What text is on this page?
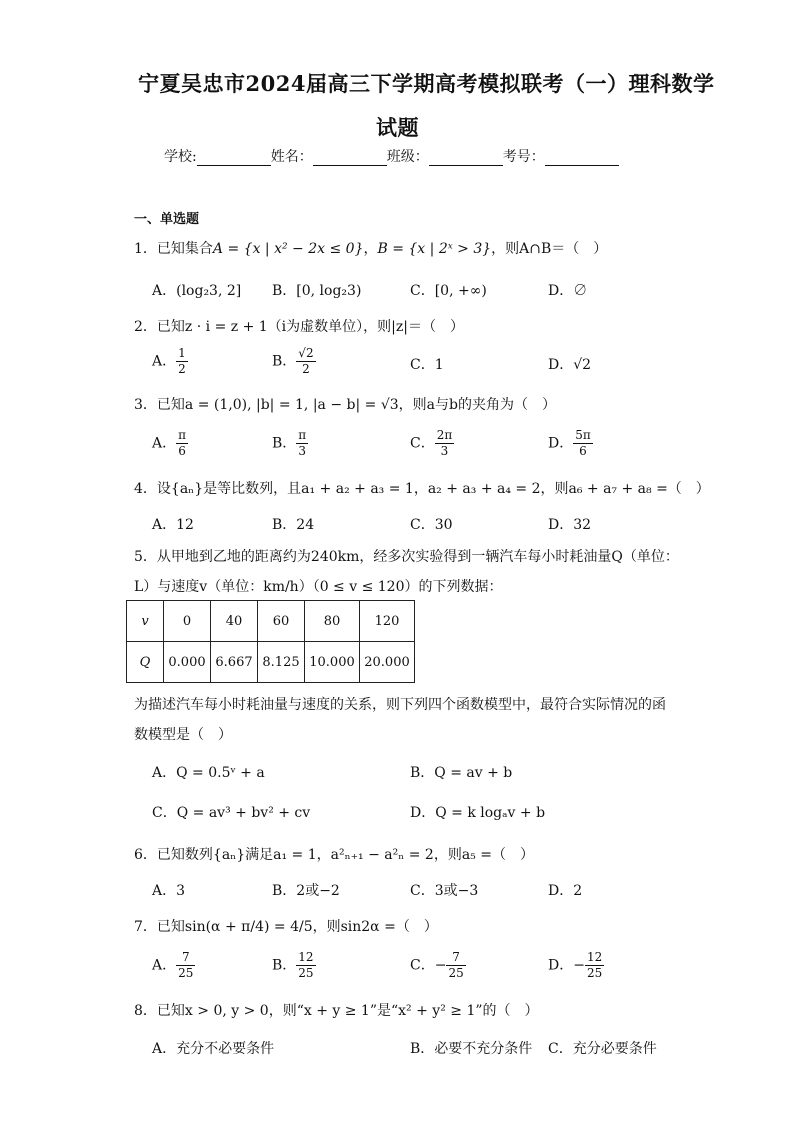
宁夏吴忠市2024届高三下学期高考模拟联考（一）理科数学
试题
学校:	姓名：	班级：	考号：
一、单选题
1．已知集合A = {x | x² − 2x ≤ 0}，B = {x | 2ˣ > 3}，则A∩B＝（　）
A．(log₂3, 2] B．[0, log₂3)	C．[0, +∞)	D．∅
2．已知z · i = z + 1（i为虚数单位），则|z|＝（　）
A． $\frac{1}{2}$	B． $\frac{√2}{2}$	C．1	D．√2
3．已知a = (1,0), |b| = 1, |a − b| = √3，则a与b的夹角为（　）
A． $\frac{\pi}{6}$	B． $\frac{\pi}{3}$	C． $\frac{2\pi}{3}$	D． $\frac{5\pi}{6}$
4．设{aₙ}是等比数列，且a₁ + a₂ + a₃ = 1，a₂ + a₃ + a₄ = 2，则a₆ + a₇ + a₈ =（　）
A．12	B．24	C．30	D．32
5．从甲地到乙地的距离约为240km，经多次实验得到一辆汽车每小时耗油量Q（单位：
L）与速度v（单位：km/h）（0 ≤ v ≤ 120）的下列数据：
v	0	40	60	80	120
Q	0.000	6.667	8.125	10.000	20.000
为描述汽车每小时耗油量与速度的关系，则下列四个函数模型中，最符合实际情况的函
数模型是（　）
A．Q = 0.5ᵛ + a	B．Q = av + b
C．Q = av³ + bv² + cv	D．Q = k logₐv + b
6．已知数列{aₙ}满足a₁ = 1，a²ₙ₊₁ − a²ₙ = 2，则a₅ =（　）
A．3	B．2或−2	C．3或−3	D．2
7．已知sin(α + π/4) = 4/5，则sin2α =（　）
A． $\frac{7}{25}$	B． $\frac{12}{25}$	C．− $\frac{7}{25}$	D．− $\frac{12}{25}$
8．已知x > 0, y > 0，则“x + y ≥ 1”是“x² + y² ≥ 1”的（　）
A．充分不必要条件	B．必要不充分条件 C．充分必要条件
